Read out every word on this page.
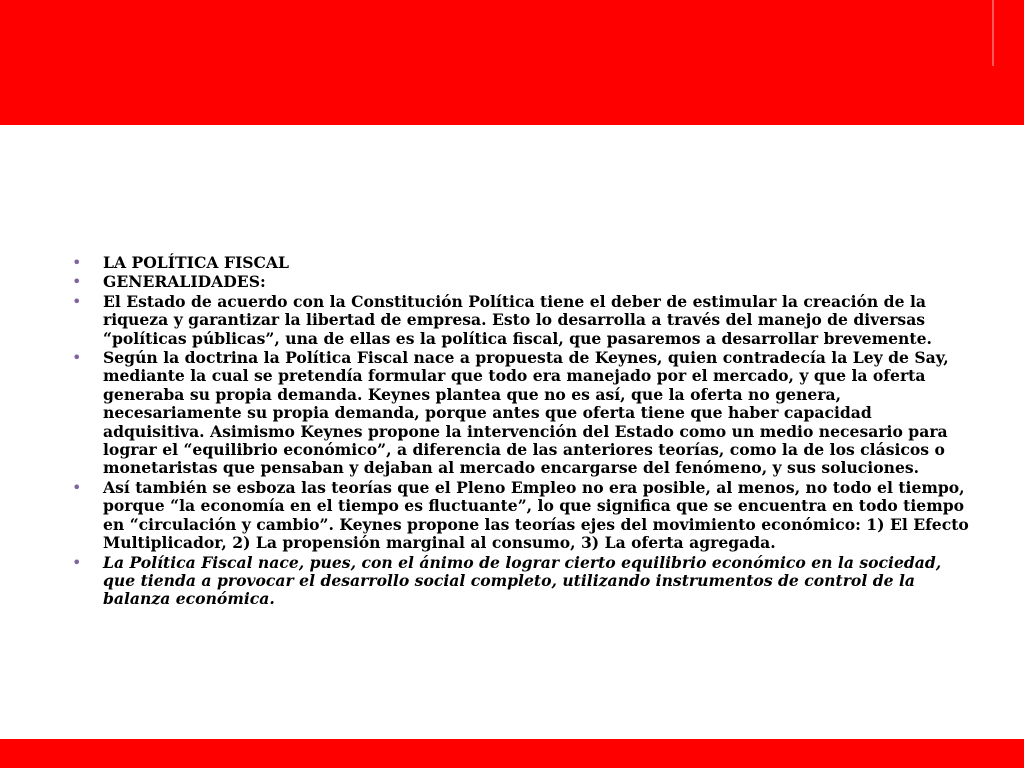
• LA POLÍTICA FISCAL
• GENERALIDADES:
• El Estado de acuerdo con la Constitución Política tiene el deber de estimular la creación de la riqueza y garantizar la libertad de empresa. Esto lo desarrolla a través del manejo de diversas “políticas públicas”, una de ellas es la política fiscal, que pasaremos a desarrollar brevemente.
• Según la doctrina la Política Fiscal nace a propuesta de Keynes, quien contradecía la Ley de Say, mediante la cual se pretendía formular que todo era manejado por el mercado, y que la oferta generaba su propia demanda. Keynes plantea que no es así, que la oferta no genera, necesariamente su propia demanda, porque antes que oferta tiene que haber capacidad adquisitiva. Asimismo Keynes propone la intervención del Estado como un medio necesario para lograr el “equilibrio económico”, a diferencia de las anteriores teorías, como la de los clásicos o monetaristas que pensaban y dejaban al mercado encargarse del fenómeno, y sus soluciones.
• Así también se esboza las teorías que el Pleno Empleo no era posible, al menos, no todo el tiempo, porque “la economía en el tiempo es fluctuante”, lo que significa que se encuentra en todo tiempo en “circulación y cambio”. Keynes propone las teorías ejes del movimiento económico: 1) El Efecto Multiplicador, 2) La propensión marginal al consumo, 3) La oferta agregada.
• La Política Fiscal nace, pues, con el ánimo de lograr cierto equilibrio económico en la sociedad, que tienda a provocar el desarrollo social completo, utilizando instrumentos de control de la balanza económica.
